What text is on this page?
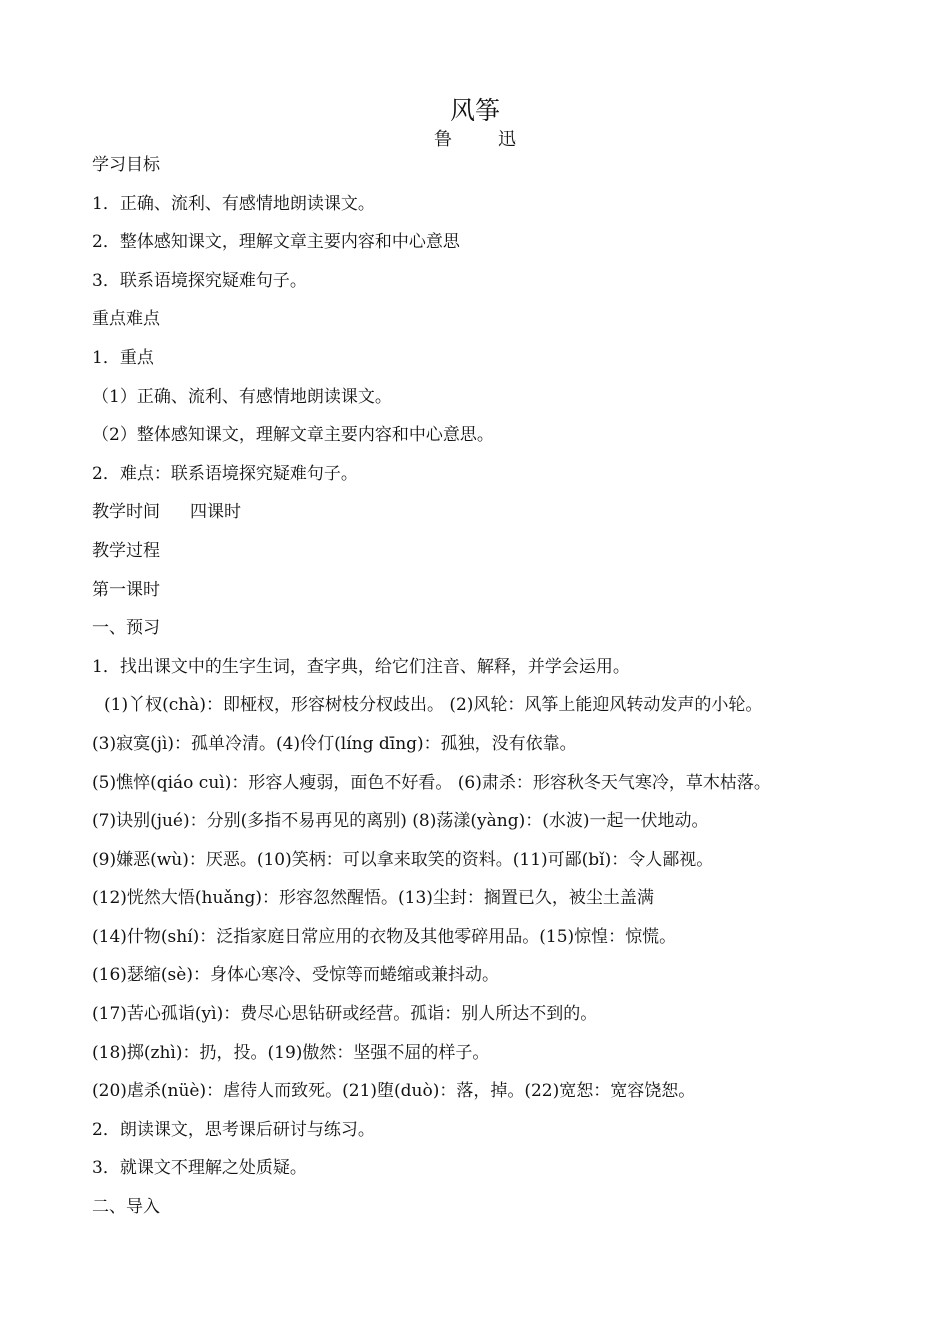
风筝
鲁　迅
学习目标
1．正确、流利、有感情地朗读课文。
2．整体感知课文，理解文章主要内容和中心意思
3．联系语境探究疑难句子。
重点难点
1．重点
（1）正确、流利、有感情地朗读课文。
（2）整体感知课文，理解文章主要内容和中心意思。
2．难点：联系语境探究疑难句子。
教学时间 四课时
教学过程
第一课时
一、预习
1．找出课文中的生字生词，查字典，给它们注音、解释，并学会运用。
(1)丫杈(chà)：即桠杈，形容树枝分杈歧出。 (2)风轮：风筝上能迎风转动发声的小轮。
(3)寂寞(jì)：孤单冷清。(4)伶仃(líng dīng)：孤独，没有依靠。
(5)憔悴(qiáo cuì)：形容人瘦弱，面色不好看。 (6)肃杀：形容秋冬天气寒冷，草木枯落。
(7)诀别(jué)：分别(多指不易再见的离别) (8)荡漾(yàng)：(水波)一起一伏地动。
(9)嫌恶(wù)：厌恶。(10)笑柄：可以拿来取笑的资料。(11)可鄙(bǐ)：令人鄙视。
(12)恍然大悟(huǎng)：形容忽然醒悟。(13)尘封：搁置已久，被尘土盖满
(14)什物(shí)：泛指家庭日常应用的衣物及其他零碎用品。(15)惊惶：惊慌。
(16)瑟缩(sè)：身体心寒冷、受惊等而蜷缩或兼抖动。
(17)苦心孤诣(yì)：费尽心思钻研或经营。孤诣：别人所达不到的。
(18)掷(zhì)：扔，投。(19)傲然：坚强不屈的样子。
(20)虐杀(nüè)：虐待人而致死。(21)堕(duò)：落，掉。(22)宽恕：宽容饶恕。
2．朗读课文，思考课后研讨与练习。
3．就课文不理解之处质疑。
二、导入
